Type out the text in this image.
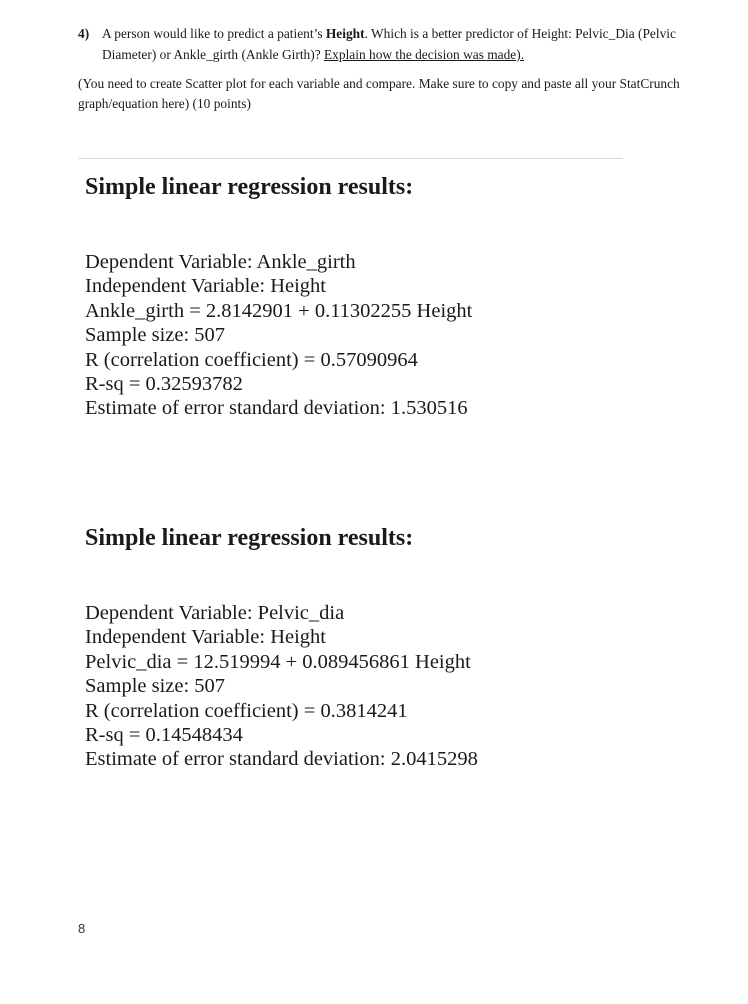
4) A person would like to predict a patient’s Height. Which is a better predictor of Height: Pelvic_Dia (Pelvic Diameter) or Ankle_girth (Ankle Girth)? Explain how the decision was made).
(You need to create Scatter plot for each variable and compare. Make sure to copy and paste all your StatCrunch graph/equation here) (10 points)
Simple linear regression results:
Dependent Variable: Ankle_girth
Independent Variable: Height
Ankle_girth = 2.8142901 + 0.11302255 Height
Sample size: 507
R (correlation coefficient) = 0.57090964
R-sq = 0.32593782
Estimate of error standard deviation: 1.530516
Simple linear regression results:
Dependent Variable: Pelvic_dia
Independent Variable: Height
Pelvic_dia = 12.519994 + 0.089456861 Height
Sample size: 507
R (correlation coefficient) = 0.3814241
R-sq = 0.14548434
Estimate of error standard deviation: 2.0415298
8
